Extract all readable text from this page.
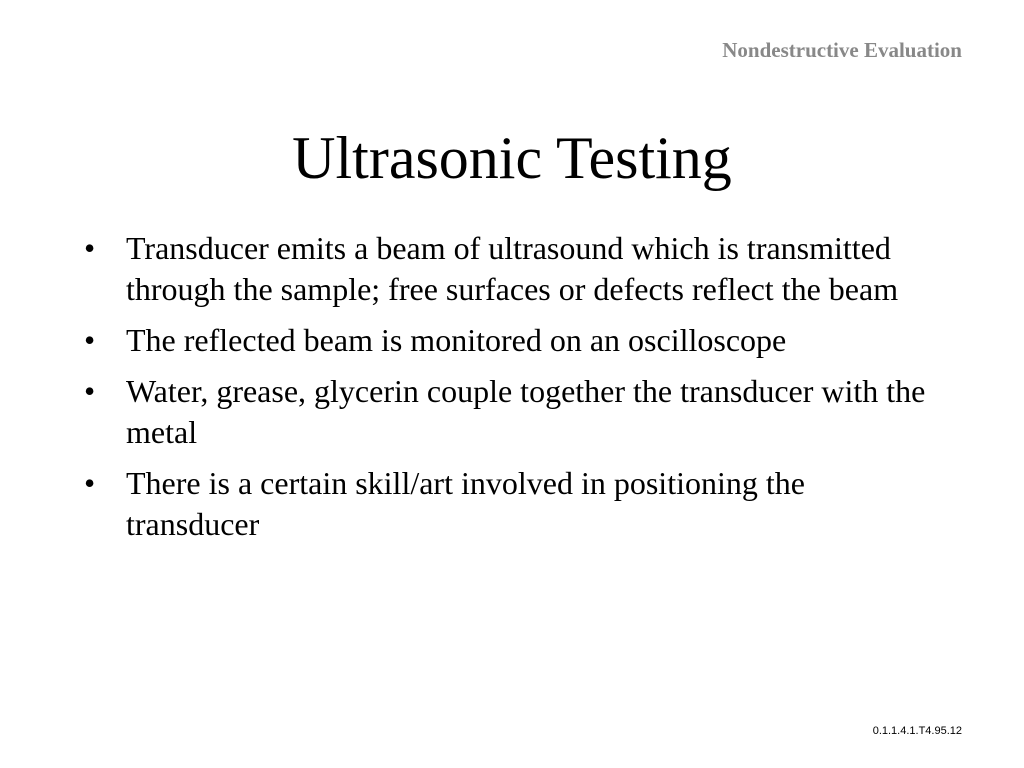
Nondestructive Evaluation
Ultrasonic Testing
• Transducer emits a beam of ultrasound which is transmitted through the sample; free surfaces or defects reflect the beam
• The reflected beam is monitored on an oscilloscope
• Water, grease, glycerin couple together the transducer with the metal
• There is a certain skill/art involved in positioning the transducer
0.1.1.4.1.T4.95.12
